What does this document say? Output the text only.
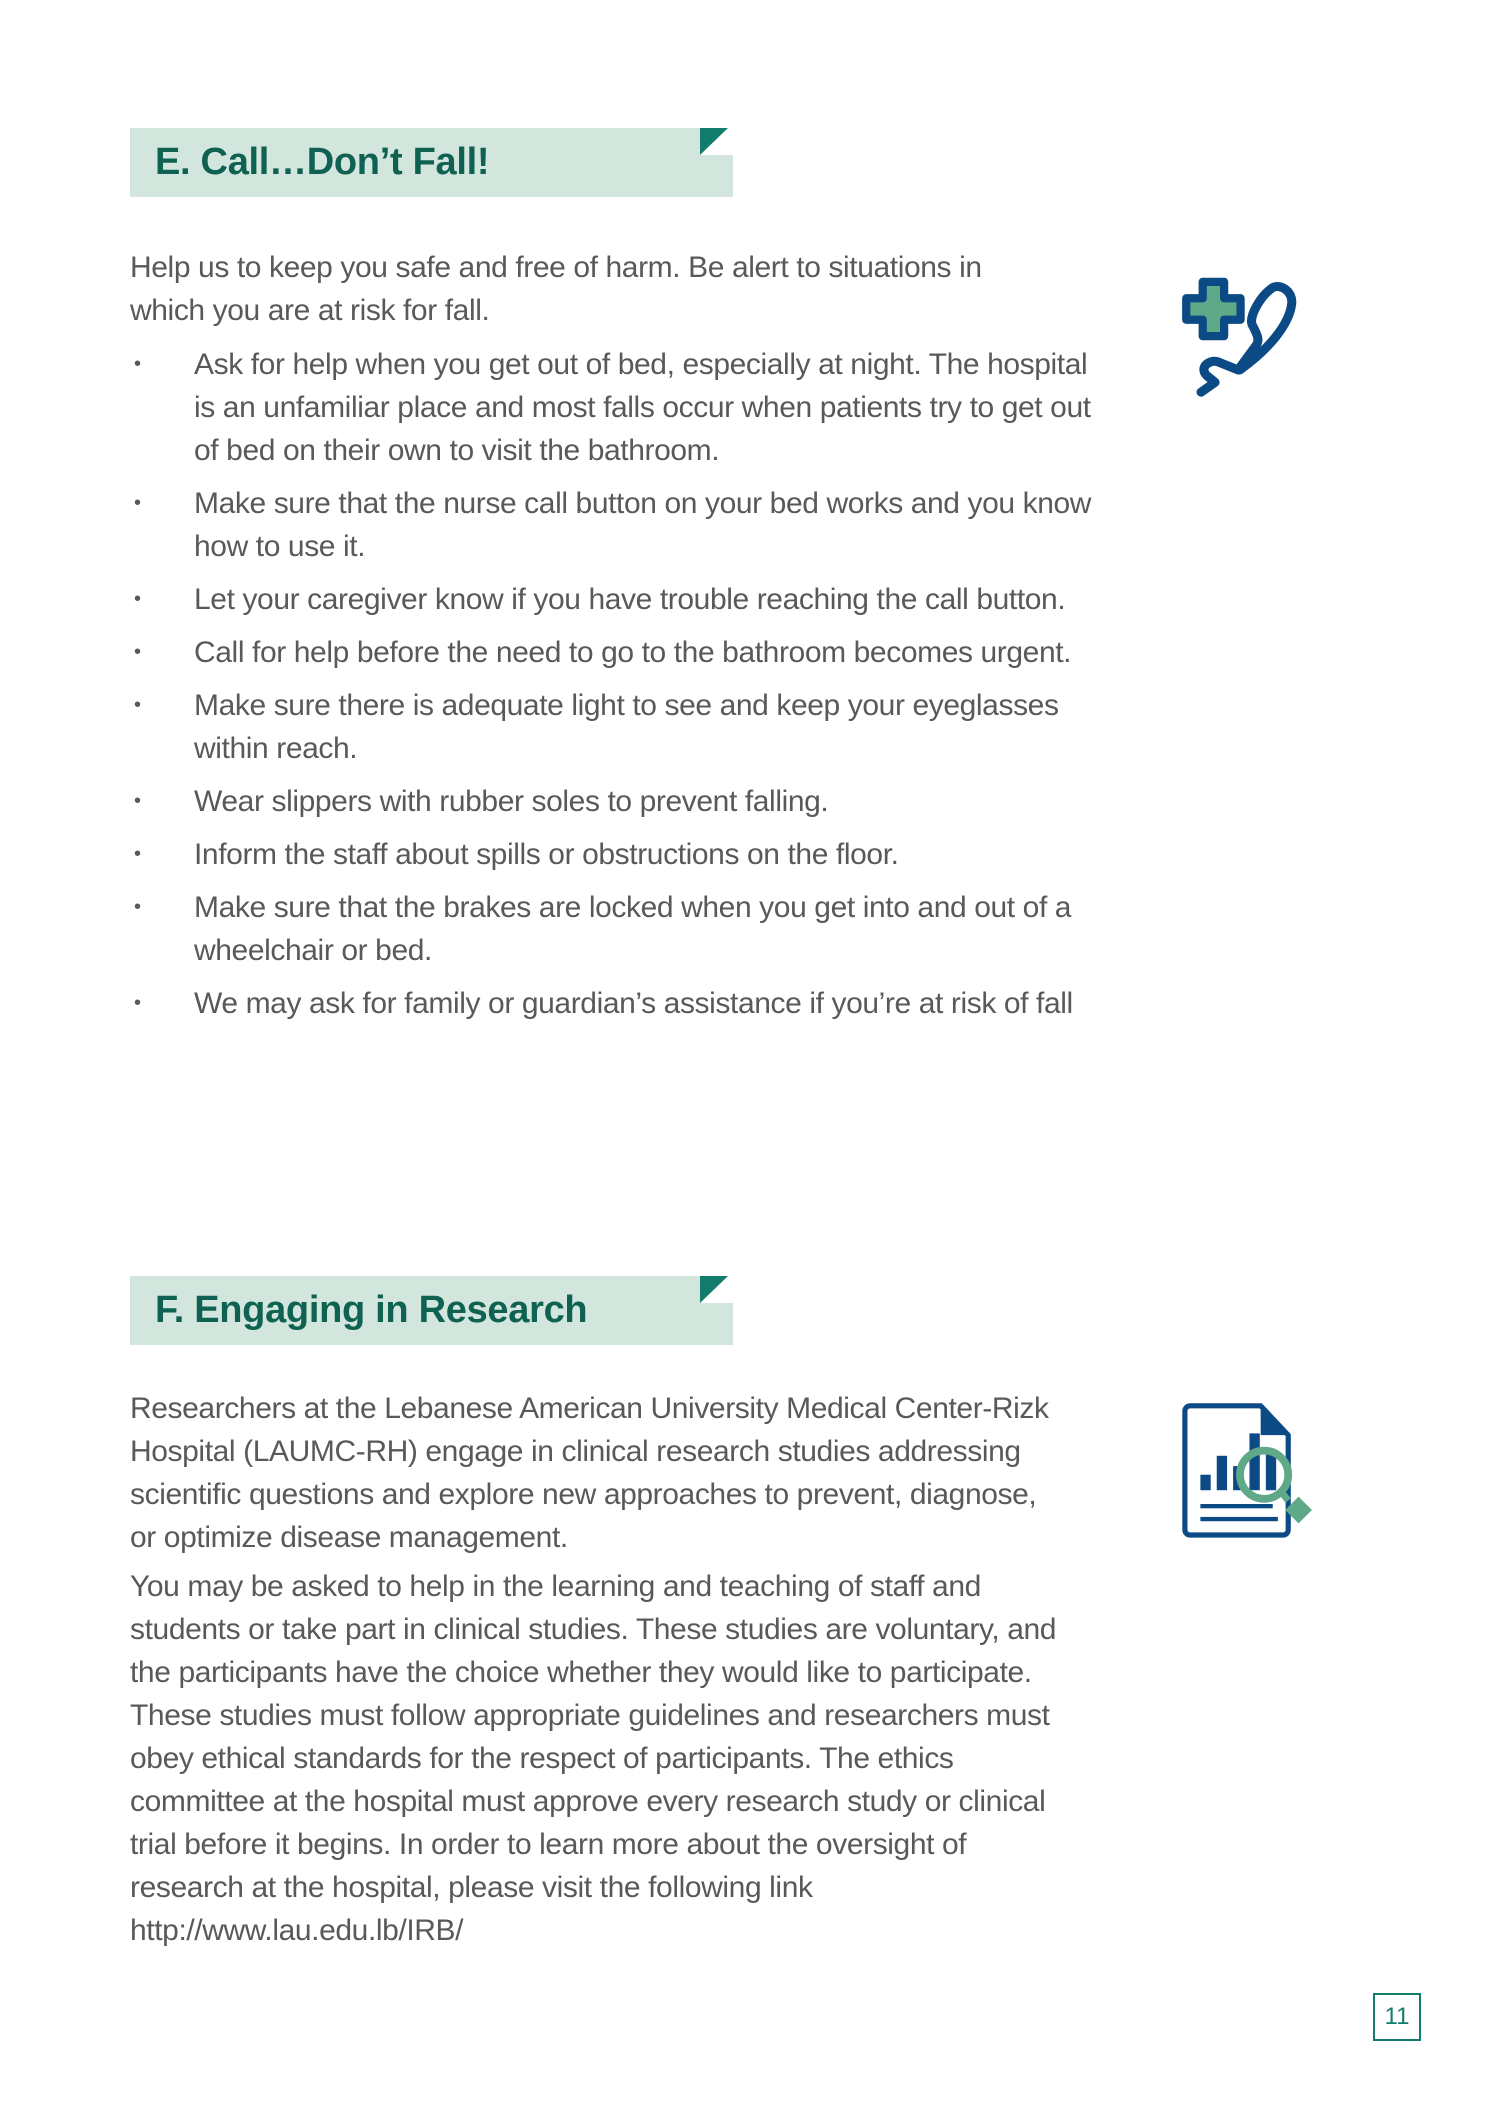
E. Call…Don’t Fall!

Help us to keep you safe and free of harm. Be alert to situations in which you are at risk for fall.

• Ask for help when you get out of bed, especially at night. The hospital is an unfamiliar place and most falls occur when patients try to get out of bed on their own to visit the bathroom.
• Make sure that the nurse call button on your bed works and you know how to use it.
• Let your caregiver know if you have trouble reaching the call button.
• Call for help before the need to go to the bathroom becomes urgent.
• Make sure there is adequate light to see and keep your eyeglasses within reach.
• Wear slippers with rubber soles to prevent falling.
• Inform the staff about spills or obstructions on the floor.
• Make sure that the brakes are locked when you get into and out of a wheelchair or bed.
• We may ask for family or guardian’s assistance if you’re at risk of fall
F. Engaging in Research

Researchers at the Lebanese American University Medical Center-Rizk Hospital (LAUMC-RH) engage in clinical research studies addressing scientific questions and explore new approaches to prevent, diagnose, or optimize disease management.

You may be asked to help in the learning and teaching of staff and students or take part in clinical studies. These studies are voluntary, and the participants have the choice whether they would like to participate. These studies must follow appropriate guidelines and researchers must obey ethical standards for the respect of participants. The ethics committee at the hospital must approve every research study or clinical trial before it begins. In order to learn more about the oversight of research at the hospital, please visit the following link http://www.lau.edu.lb/IRB/

11
